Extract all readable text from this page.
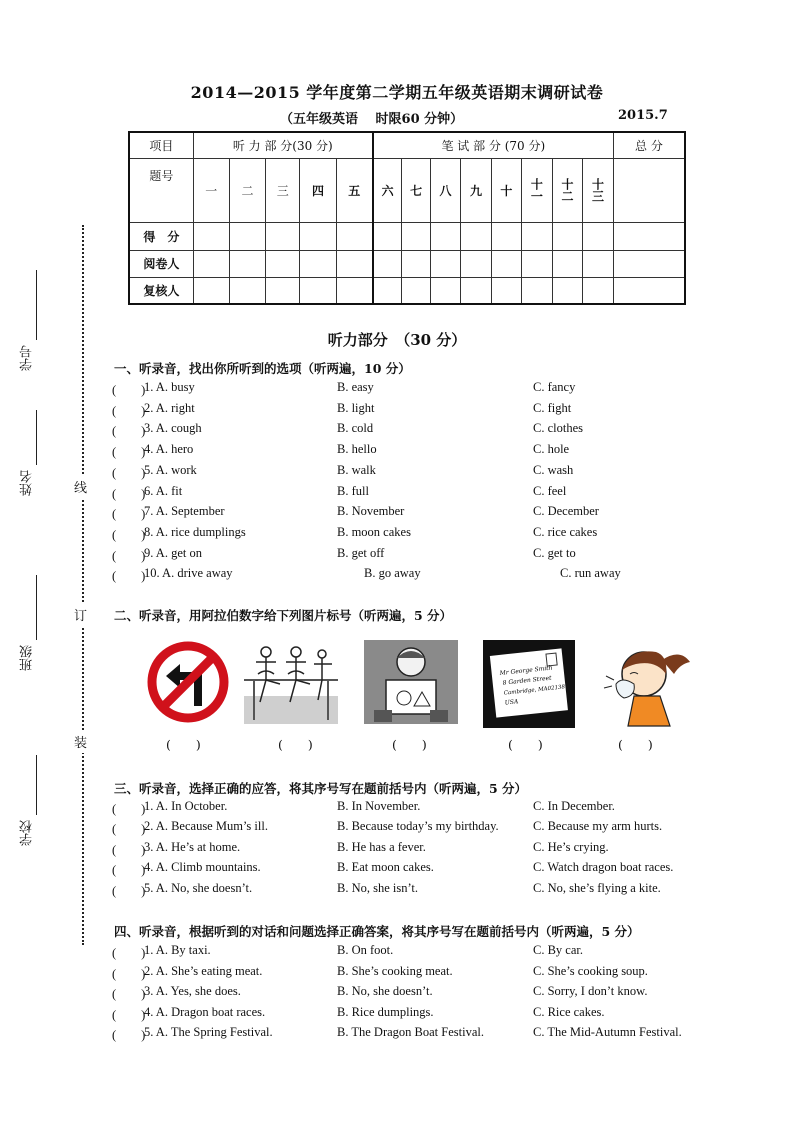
2014—2015 学年度第二学期五年级英语期末调研试卷
（五年级英语　 时限60 分钟）	2015.7
项目	听 力 部 分(30 分)					笔 试 部 分 (70 分)								总 分
题号	一	二	三	四	五	六	七	八	九	十	十一	十二	十三	
得　分														
阅卷人														
复核人														
学号
姓名
班级
学校
线
订
装
听力部分　（30 分）
一、听录音，找出你所听到的选项（听两遍，10 分）
(　　)
1. A. busy	B. easy	C. fancy
(　　)
2. A. right	B. light	C. fight
(　　)
3. A. cough	B. cold	C. clothes
(　　)
4. A. hero	B. hello	C. hole
(　　)
5. A. work	B. walk	C. wash
(　　)
6. A. fit	B. full	C. feel
(　　)
7. A. September	B. November	C. December
(　　)
8. A. rice dumplings	B. moon cakes	C. rice cakes
(　　)
9. A. get on	B. get off	C. get to
(　　)
10. A. drive away	B. go away	C. run away
二、听录音，用阿拉伯数字给下列图片标号（听两遍，5 分）
Mr George Smith
8 Garden Street
Cambridge, MA02138
USA
(　　)	(　　)	(　　)	(　　)	(　　)
三、听录音，选择正确的应答，将其序号写在题前括号内（听两遍，5 分）
(　　)
1. A. In October.	B. In November.	C. In December.
(　　)
2. A. Because Mum’s ill.	B. Because today’s my birthday.	C. Because my arm hurts.
(　　)
3. A. He’s at home.	B. He has a fever.	C. He’s crying.
(　　)
4. A. Climb mountains.	B. Eat moon cakes.	C. Watch dragon boat races.
(　　)
5. A. No, she doesn’t.	B. No, she isn’t.	C. No, she’s flying a kite.
四、听录音，根据听到的对话和问题选择正确答案，将其序号写在题前括号内（听两遍，5 分）
(　　)
1. A. By taxi.	B. On foot.	C. By car.
(　　)
2. A. She’s eating meat.	B. She’s cooking meat.	C. She’s cooking soup.
(　　)
3. A. Yes, she does.	B. No, she doesn’t.	C. Sorry, I don’t know.
(　　)
4. A. Dragon boat races.	B. Rice dumplings.	C. Rice cakes.
(　　)
5. A. The Spring Festival.	B. The Dragon Boat Festival.	C. The Mid-Autumn Festival.
